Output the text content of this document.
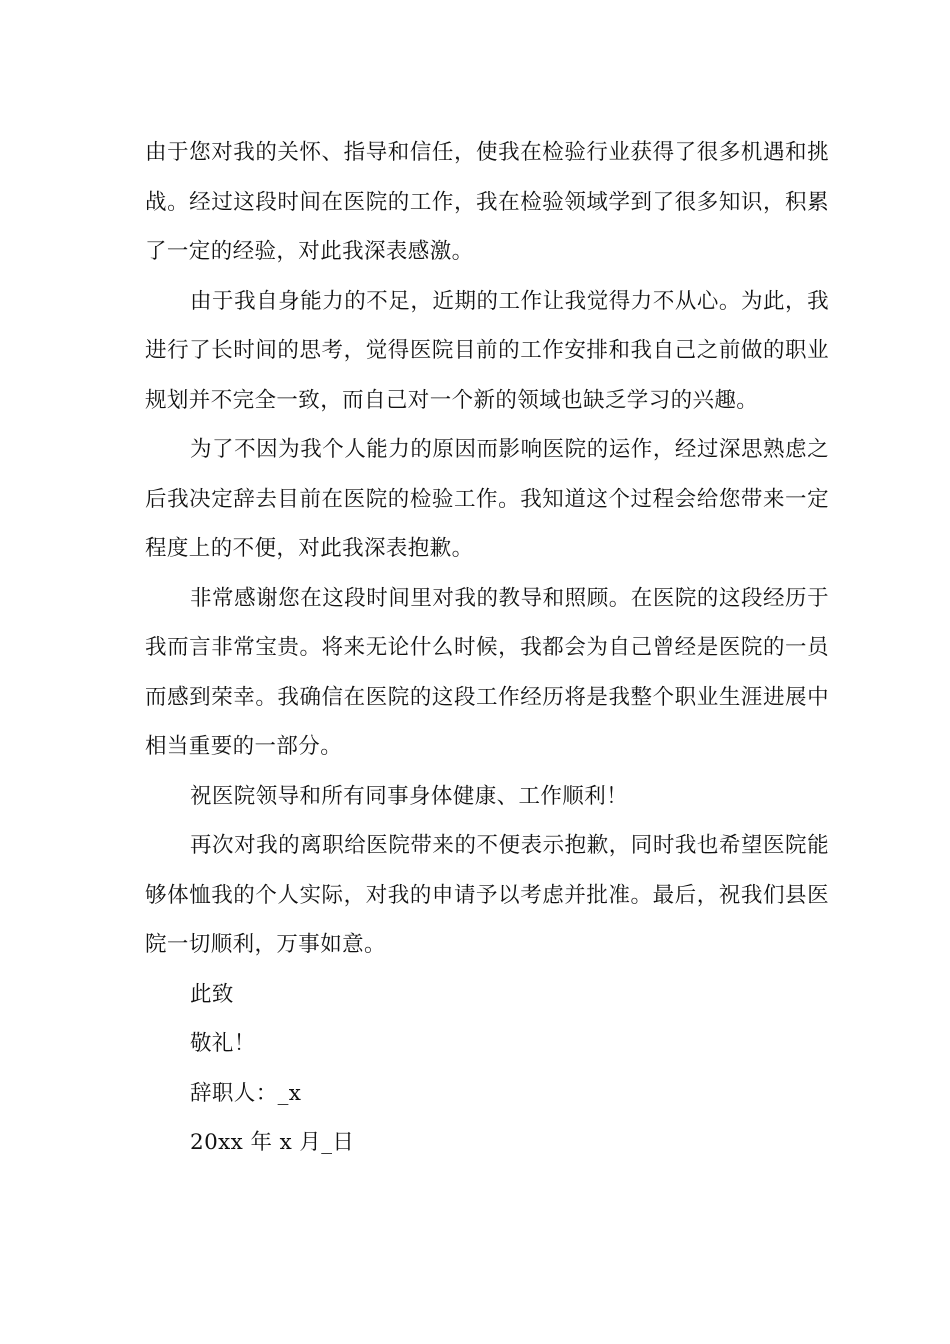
由于您对我的关怀、指导和信任，使我在检验行业获得了很多机遇和挑战。经过这段时间在医院的工作，我在检验领域学到了很多知识，积累了一定的经验，对此我深表感激。

由于我自身能力的不足，近期的工作让我觉得力不从心。为此，我进行了长时间的思考，觉得医院目前的工作安排和我自己之前做的职业规划并不完全一致，而自己对一个新的领域也缺乏学习的兴趣。

为了不因为我个人能力的原因而影响医院的运作，经过深思熟虑之后我决定辞去目前在医院的检验工作。我知道这个过程会给您带来一定程度上的不便，对此我深表抱歉。

非常感谢您在这段时间里对我的教导和照顾。在医院的这段经历于我而言非常宝贵。将来无论什么时候，我都会为自己曾经是医院的一员而感到荣幸。我确信在医院的这段工作经历将是我整个职业生涯进展中相当重要的一部分。

祝医院领导和所有同事身体健康、工作顺利！

再次对我的离职给医院带来的不便表示抱歉，同时我也希望医院能够体恤我的个人实际，对我的申请予以考虑并批准。最后，祝我们县医院一切顺利，万事如意。

此致

敬礼！

辞职人：_x

20xx 年 x 月_日
